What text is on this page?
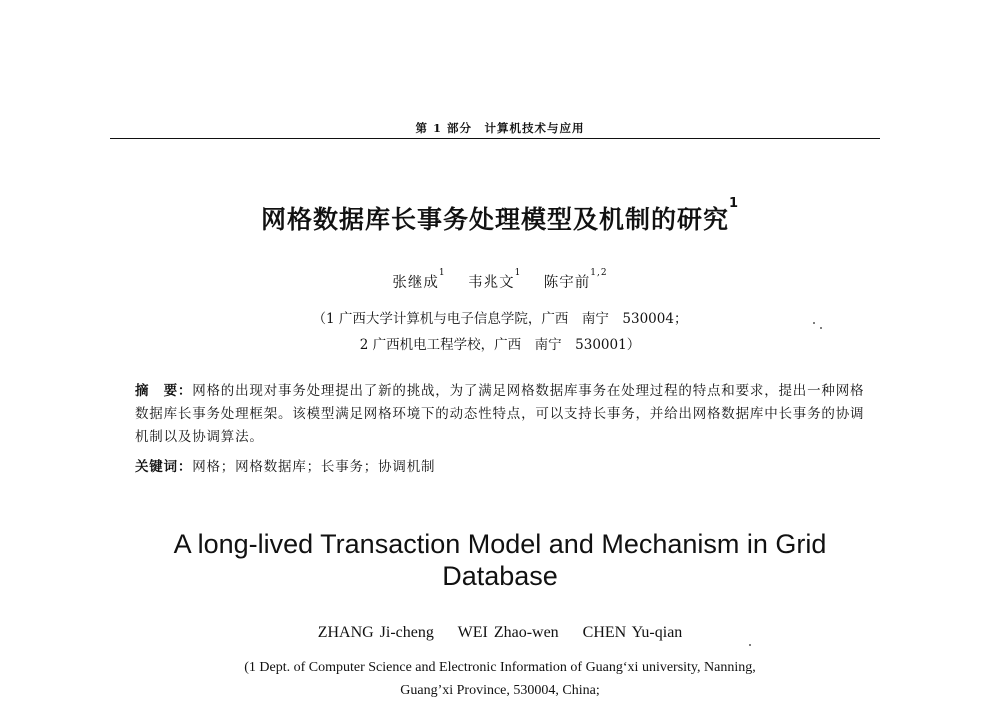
第 1 部分　计算机技术与应用
网格数据库长事务处理模型及机制的研究$^1$
张继成$^1$    韦兆文$^1$    陈宇前$^{1,2}$
（1 广西大学计算机与电子信息学院，广西　南宁　530004；
2 广西机电工程学校，广西　南宁　530001）
摘　要：网格的出现对事务处理提出了新的挑战，为了满足网格数据库事务在处理过程的特点和要求，提出一种网格数据库长事务处理框架。该模型满足网格环境下的动态性特点，可以支持长事务，并给出网格数据库中长事务的协调机制以及协调算法。
关键词：网格；网格数据库；长事务；协调机制
A long-lived Transaction Model and Mechanism in Grid
Database
ZHANG Ji-cheng WEI Zhao-wen CHEN Yu-qian
(1 Dept. of Computer Science and Electronic Information of Guang‘xi university, Nanning,
Guang’xi Province, 530004, China;
